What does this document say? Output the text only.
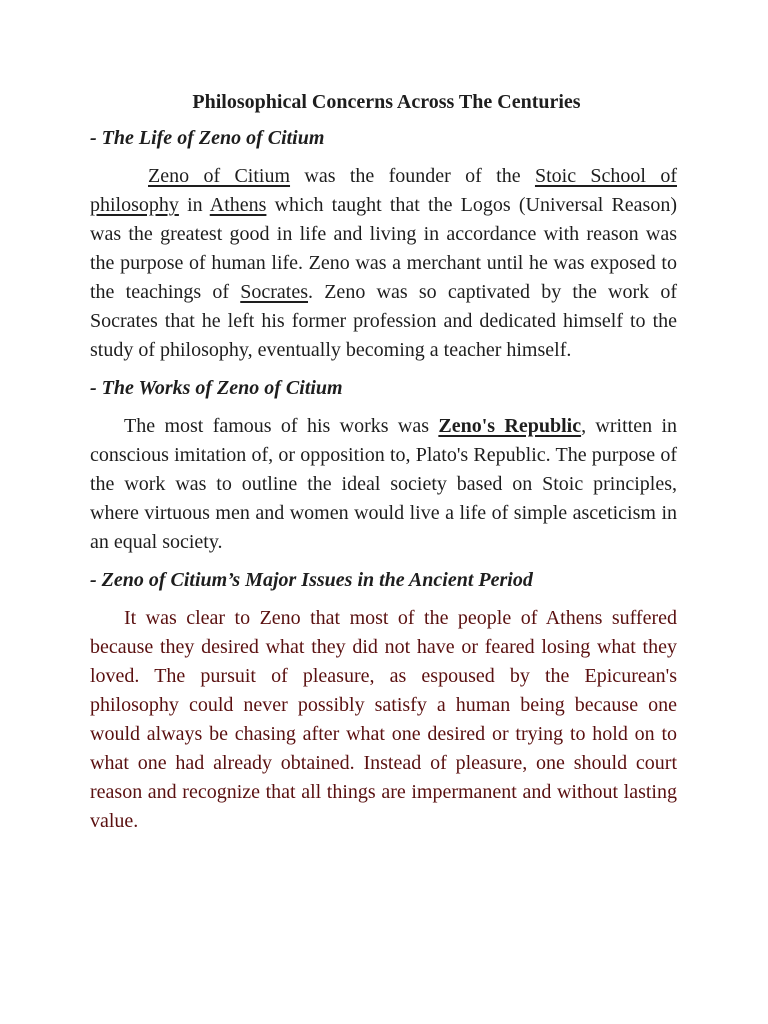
Philosophical Concerns Across The Centuries
- The Life of Zeno of Citium

Zeno of Citium was the founder of the Stoic School of philosophy in Athens which taught that the Logos (Universal Reason) was the greatest good in life and living in accordance with reason was the purpose of human life. Zeno was a merchant until he was exposed to the teachings of Socrates. Zeno was so captivated by the work of Socrates that he left his former profession and dedicated himself to the study of philosophy, eventually becoming a teacher himself.

- The Works of Zeno of Citium

The most famous of his works was Zeno's Republic, written in conscious imitation of, or opposition to, Plato's Republic. The purpose of the work was to outline the ideal society based on Stoic principles, where virtuous men and women would live a life of simple asceticism in an equal society.

- Zeno of Citium’s Major Issues in the Ancient Period

It was clear to Zeno that most of the people of Athens suffered because they desired what they did not have or feared losing what they loved. The pursuit of pleasure, as espoused by the Epicurean's philosophy could never possibly satisfy a human being because one would always be chasing after what one desired or trying to hold on to what one had already obtained. Instead of pleasure, one should court reason and recognize that all things are impermanent and without lasting value.
